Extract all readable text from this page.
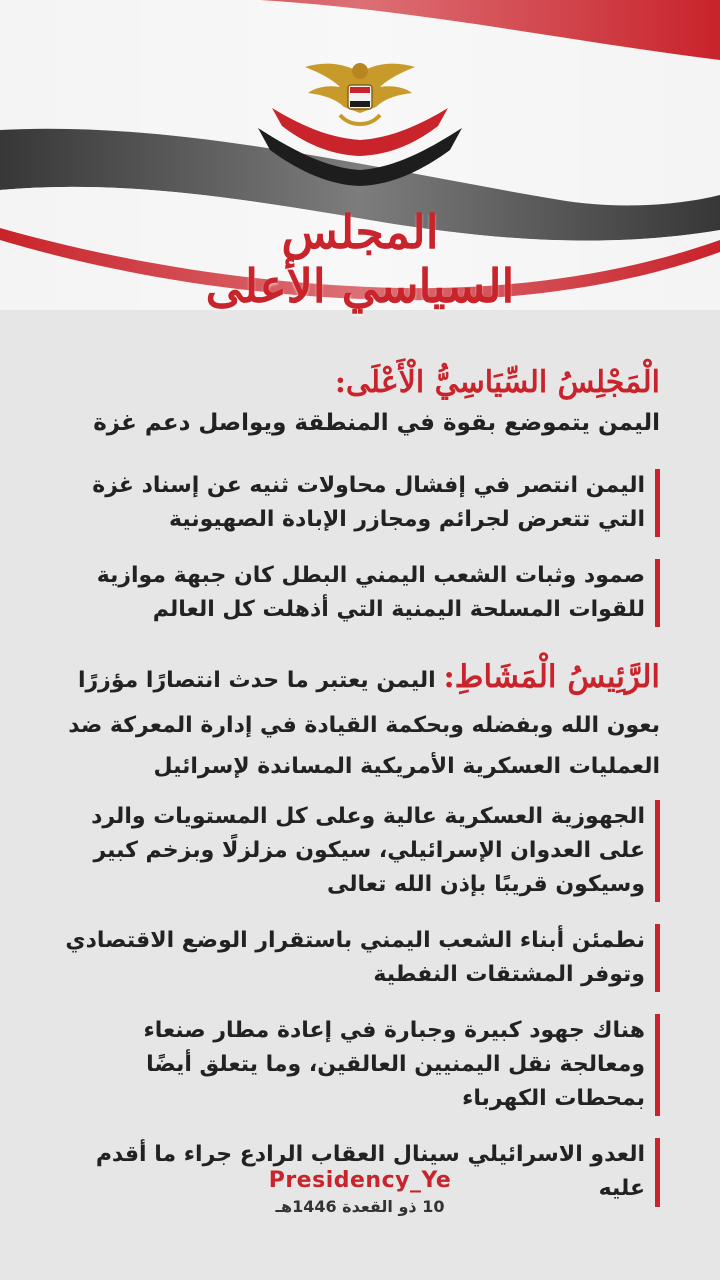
المجلس السياسي الأعلى
الْمَجْلِسُ السِّيَاسِيُّ الْأَعْلَى:
اليمن يتموضع بقوة في المنطقة ويواصل دعم غزة
اليمن انتصر في إفشال محاولات ثنيه عن إسناد غزة التي تتعرض لجرائم ومجازر الإبادة الصهيونية
صمود وثبات الشعب اليمني البطل كان جبهة موازية للقوات المسلحة اليمنية التي أذهلت كل العالم
الرَّئِيسُ الْمَشَاطِ: اليمن يعتبر ما حدث انتصارًا مؤزرًا بعون الله وبفضله وبحكمة القيادة في إدارة المعركة ضد العمليات العسكرية الأمريكية المساندة لإسرائيل
الجهوزية العسكرية عالية وعلى كل المستويات والرد على العدوان الإسرائيلي، سيكون مزلزلًا وبزخم كبير وسيكون قريبًا بإذن الله تعالى
نطمئن أبناء الشعب اليمني باستقرار الوضع الاقتصادي وتوفر المشتقات النفطية
هناك جهود كبيرة وجبارة في إعادة مطار صنعاء ومعالجة نقل اليمنيين العالقين، وما يتعلق أيضًا بمحطات الكهرباء
العدو الاسرائيلي سينال العقاب الرادع جراء ما أقدم عليه
Presidency_Ye
10 ذو القعدة 1446هـ
